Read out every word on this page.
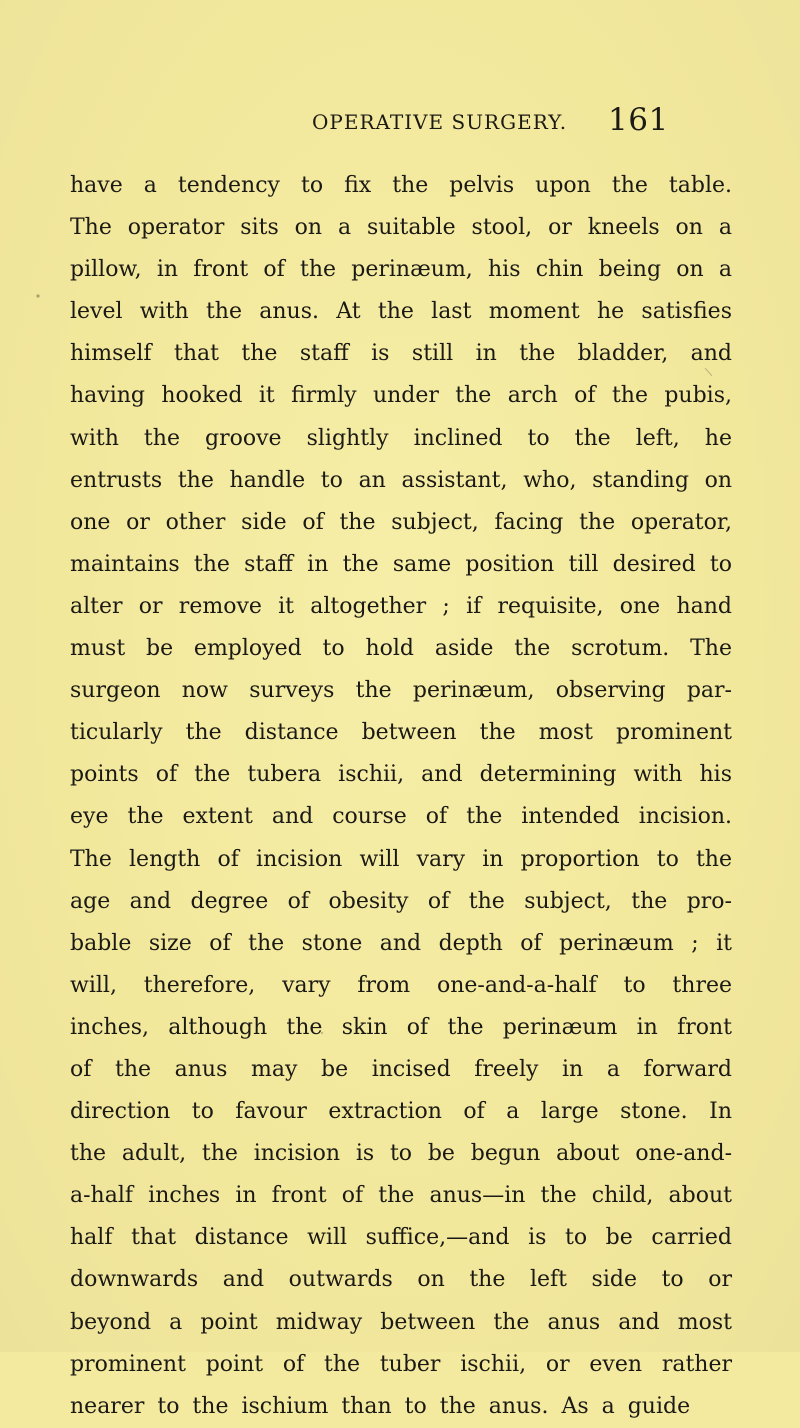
OPERATIVE SURGERY. 161
have a tendency to fix the pelvis upon the table.
The operator sits on a suitable stool, or kneels on a
pillow, in front of the perinæum, his chin being on a
level with the anus. At the last moment he satisfies
himself that the staff is still in the bladder, and
having hooked it firmly under the arch of the pubis,
with the groove slightly inclined to the left, he
entrusts the handle to an assistant, who, standing on
one or other side of the subject, facing the operator,
maintains the staff in the same position till desired to
alter or remove it altogether ; if requisite, one hand
must be employed to hold aside the scrotum. The
surgeon now surveys the perinæum, observing par-
ticularly the distance between the most prominent
points of the tubera ischii, and determining with his
eye the extent and course of the intended incision.
The length of incision will vary in proportion to the
age and degree of obesity of the subject, the pro-
bable size of the stone and depth of perinæum ; it
will, therefore, vary from one-and-a-half to three
inches, although the skin of the perinæum in front
of the anus may be incised freely in a forward
direction to favour extraction of a large stone. In
the adult, the incision is to be begun about one-and-
a-half inches in front of the anus—in the child, about
half that distance will suffice,—and is to be carried
downwards and outwards on the left side to or
beyond a point midway between the anus and most
prominent point of the tuber ischii, or even rather
nearer to the ischium than to the anus. As a guide
